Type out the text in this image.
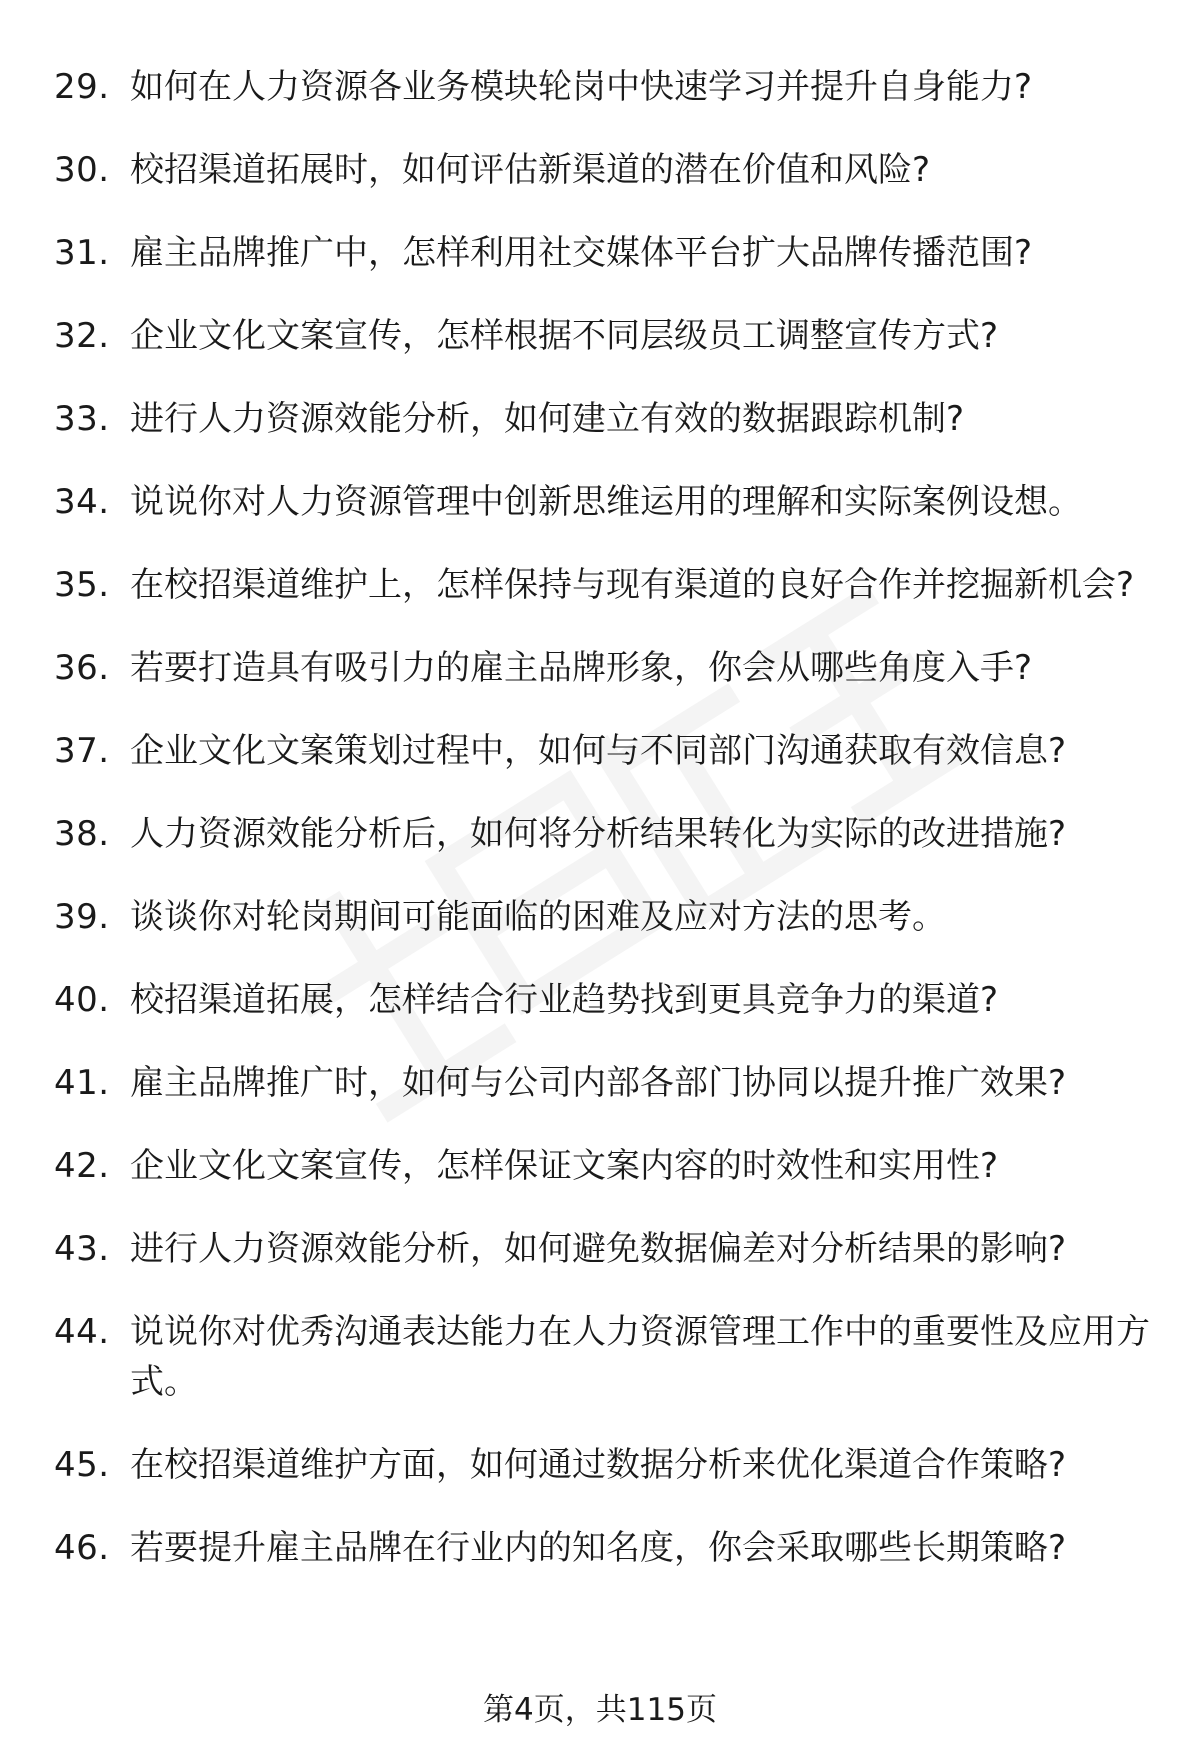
29. 如何在人力资源各业务模块轮岗中快速学习并提升自身能力?
30. 校招渠道拓展时，如何评估新渠道的潜在价值和风险?
31. 雇主品牌推广中，怎样利用社交媒体平台扩大品牌传播范围?
32. 企业文化文案宣传，怎样根据不同层级员工调整宣传方式?
33. 进行人力资源效能分析，如何建立有效的数据跟踪机制?
34. 说说你对人力资源管理中创新思维运用的理解和实际案例设想。
35. 在校招渠道维护上，怎样保持与现有渠道的良好合作并挖掘新机会?
36. 若要打造具有吸引力的雇主品牌形象，你会从哪些角度入手?
37. 企业文化文案策划过程中，如何与不同部门沟通获取有效信息?
38. 人力资源效能分析后，如何将分析结果转化为实际的改进措施?
39. 谈谈你对轮岗期间可能面临的困难及应对方法的思考。
40. 校招渠道拓展，怎样结合行业趋势找到更具竞争力的渠道?
41. 雇主品牌推广时，如何与公司内部各部门协同以提升推广效果?
42. 企业文化文案宣传，怎样保证文案内容的时效性和实用性?
43. 进行人力资源效能分析，如何避免数据偏差对分析结果的影响?
44. 说说你对优秀沟通表达能力在人力资源管理工作中的重要性及应用方式。
45. 在校招渠道维护方面，如何通过数据分析来优化渠道合作策略?
46. 若要提升雇主品牌在行业内的知名度，你会采取哪些长期策略?
第4页，共115页
